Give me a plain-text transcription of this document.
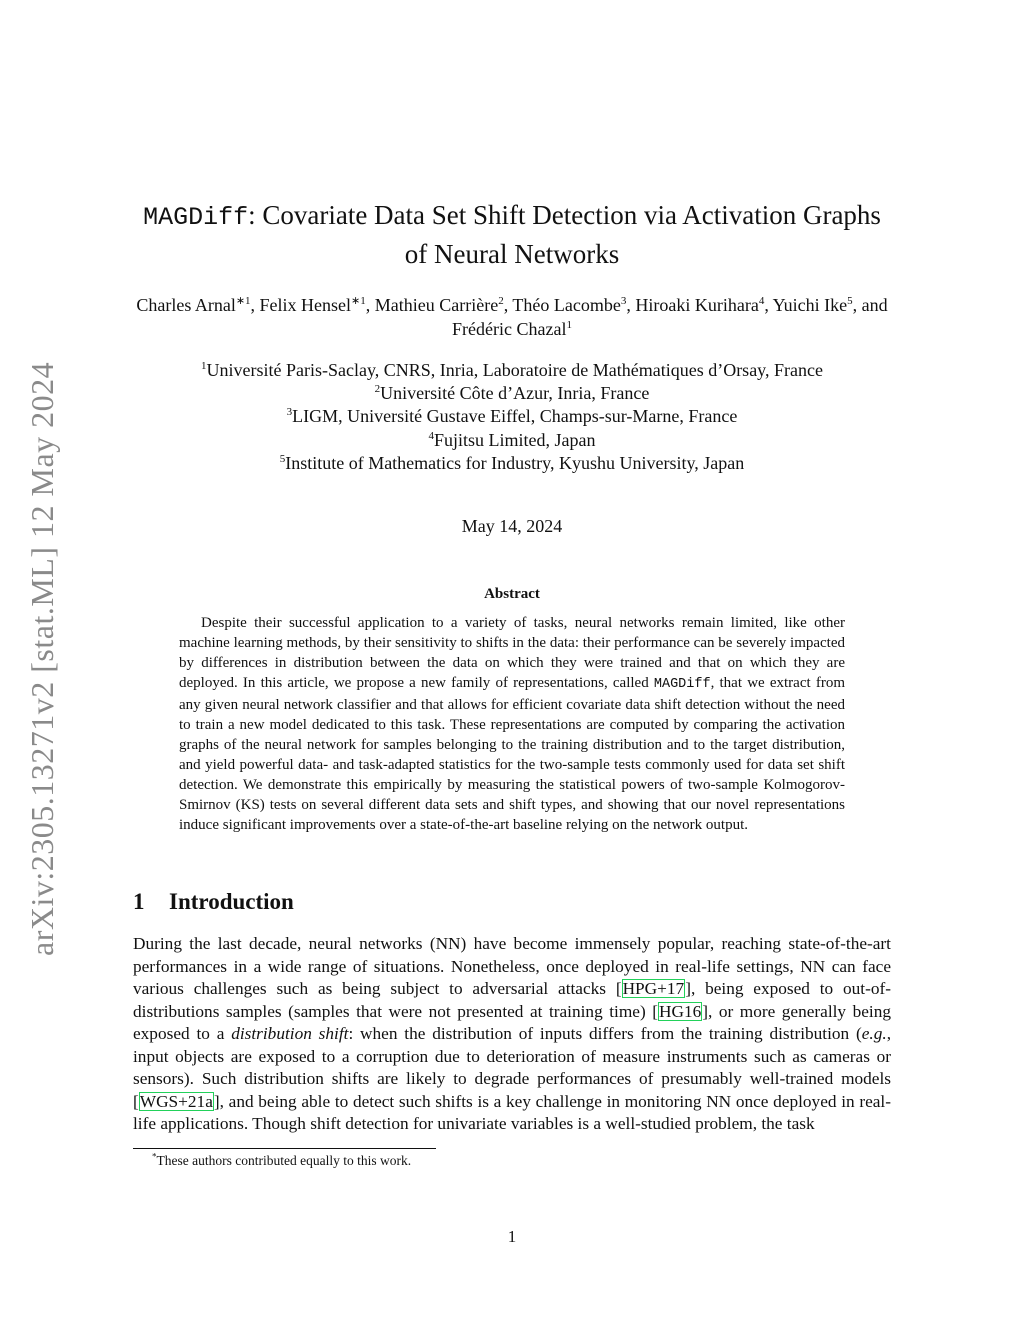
arXiv:2305.13271v2 [stat.ML] 12 May 2024
MAGDiff: Covariate Data Set Shift Detection via Activation Graphs of Neural Networks
Charles Arnal$^{∗1}$, Felix Hensel$^{∗1}$, Mathieu Carrière$^2$, Théo Lacombe$^3$, Hiroaki Kurihara$^4$, Yuichi Ike$^5$, and Frédéric Chazal$^1$
$^1$Université Paris-Saclay, CNRS, Inria, Laboratoire de Mathématiques d’Orsay, France
$^2$Université Côte d’Azur, Inria, France
$^3$LIGM, Université Gustave Eiffel, Champs-sur-Marne, France
$^4$Fujitsu Limited, Japan
$^5$Institute of Mathematics for Industry, Kyushu University, Japan
May 14, 2024
Abstract
Despite their successful application to a variety of tasks, neural networks remain limited, like other machine learning methods, by their sensitivity to shifts in the data: their performance can be severely impacted by differences in distribution between the data on which they were trained and that on which they are deployed. In this article, we propose a new family of representations, called MAGDiff, that we extract from any given neural network classifier and that allows for efficient covariate data shift detection without the need to train a new model dedicated to this task. These representations are computed by comparing the activation graphs of the neural network for samples belonging to the training distribution and to the target distribution, and yield powerful data- and task-adapted statistics for the two-sample tests commonly used for data set shift detection. We demonstrate this empirically by measuring the statistical powers of two-sample Kolmogorov-Smirnov (KS) tests on several different data sets and shift types, and showing that our novel representations induce significant improvements over a state-of-the-art baseline relying on the network output.
1 Introduction
During the last decade, neural networks (NN) have become immensely popular, reaching state-of-the-art performances in a wide range of situations. Nonetheless, once deployed in real-life settings, NN can face various challenges such as being subject to adversarial attacks [HPG+17], being exposed to out-of-distributions samples (samples that were not presented at training time) [HG16], or more generally being exposed to a distribution shift: when the distribution of inputs differs from the training distribution (e.g., input objects are exposed to a corruption due to deterioration of measure instruments such as cameras or sensors). Such distribution shifts are likely to degrade performances of presumably well-trained models [WGS+21a], and being able to detect such shifts is a key challenge in monitoring NN once deployed in real-life applications. Though shift detection for univariate variables is a well-studied problem, the task
*These authors contributed equally to this work.
1
